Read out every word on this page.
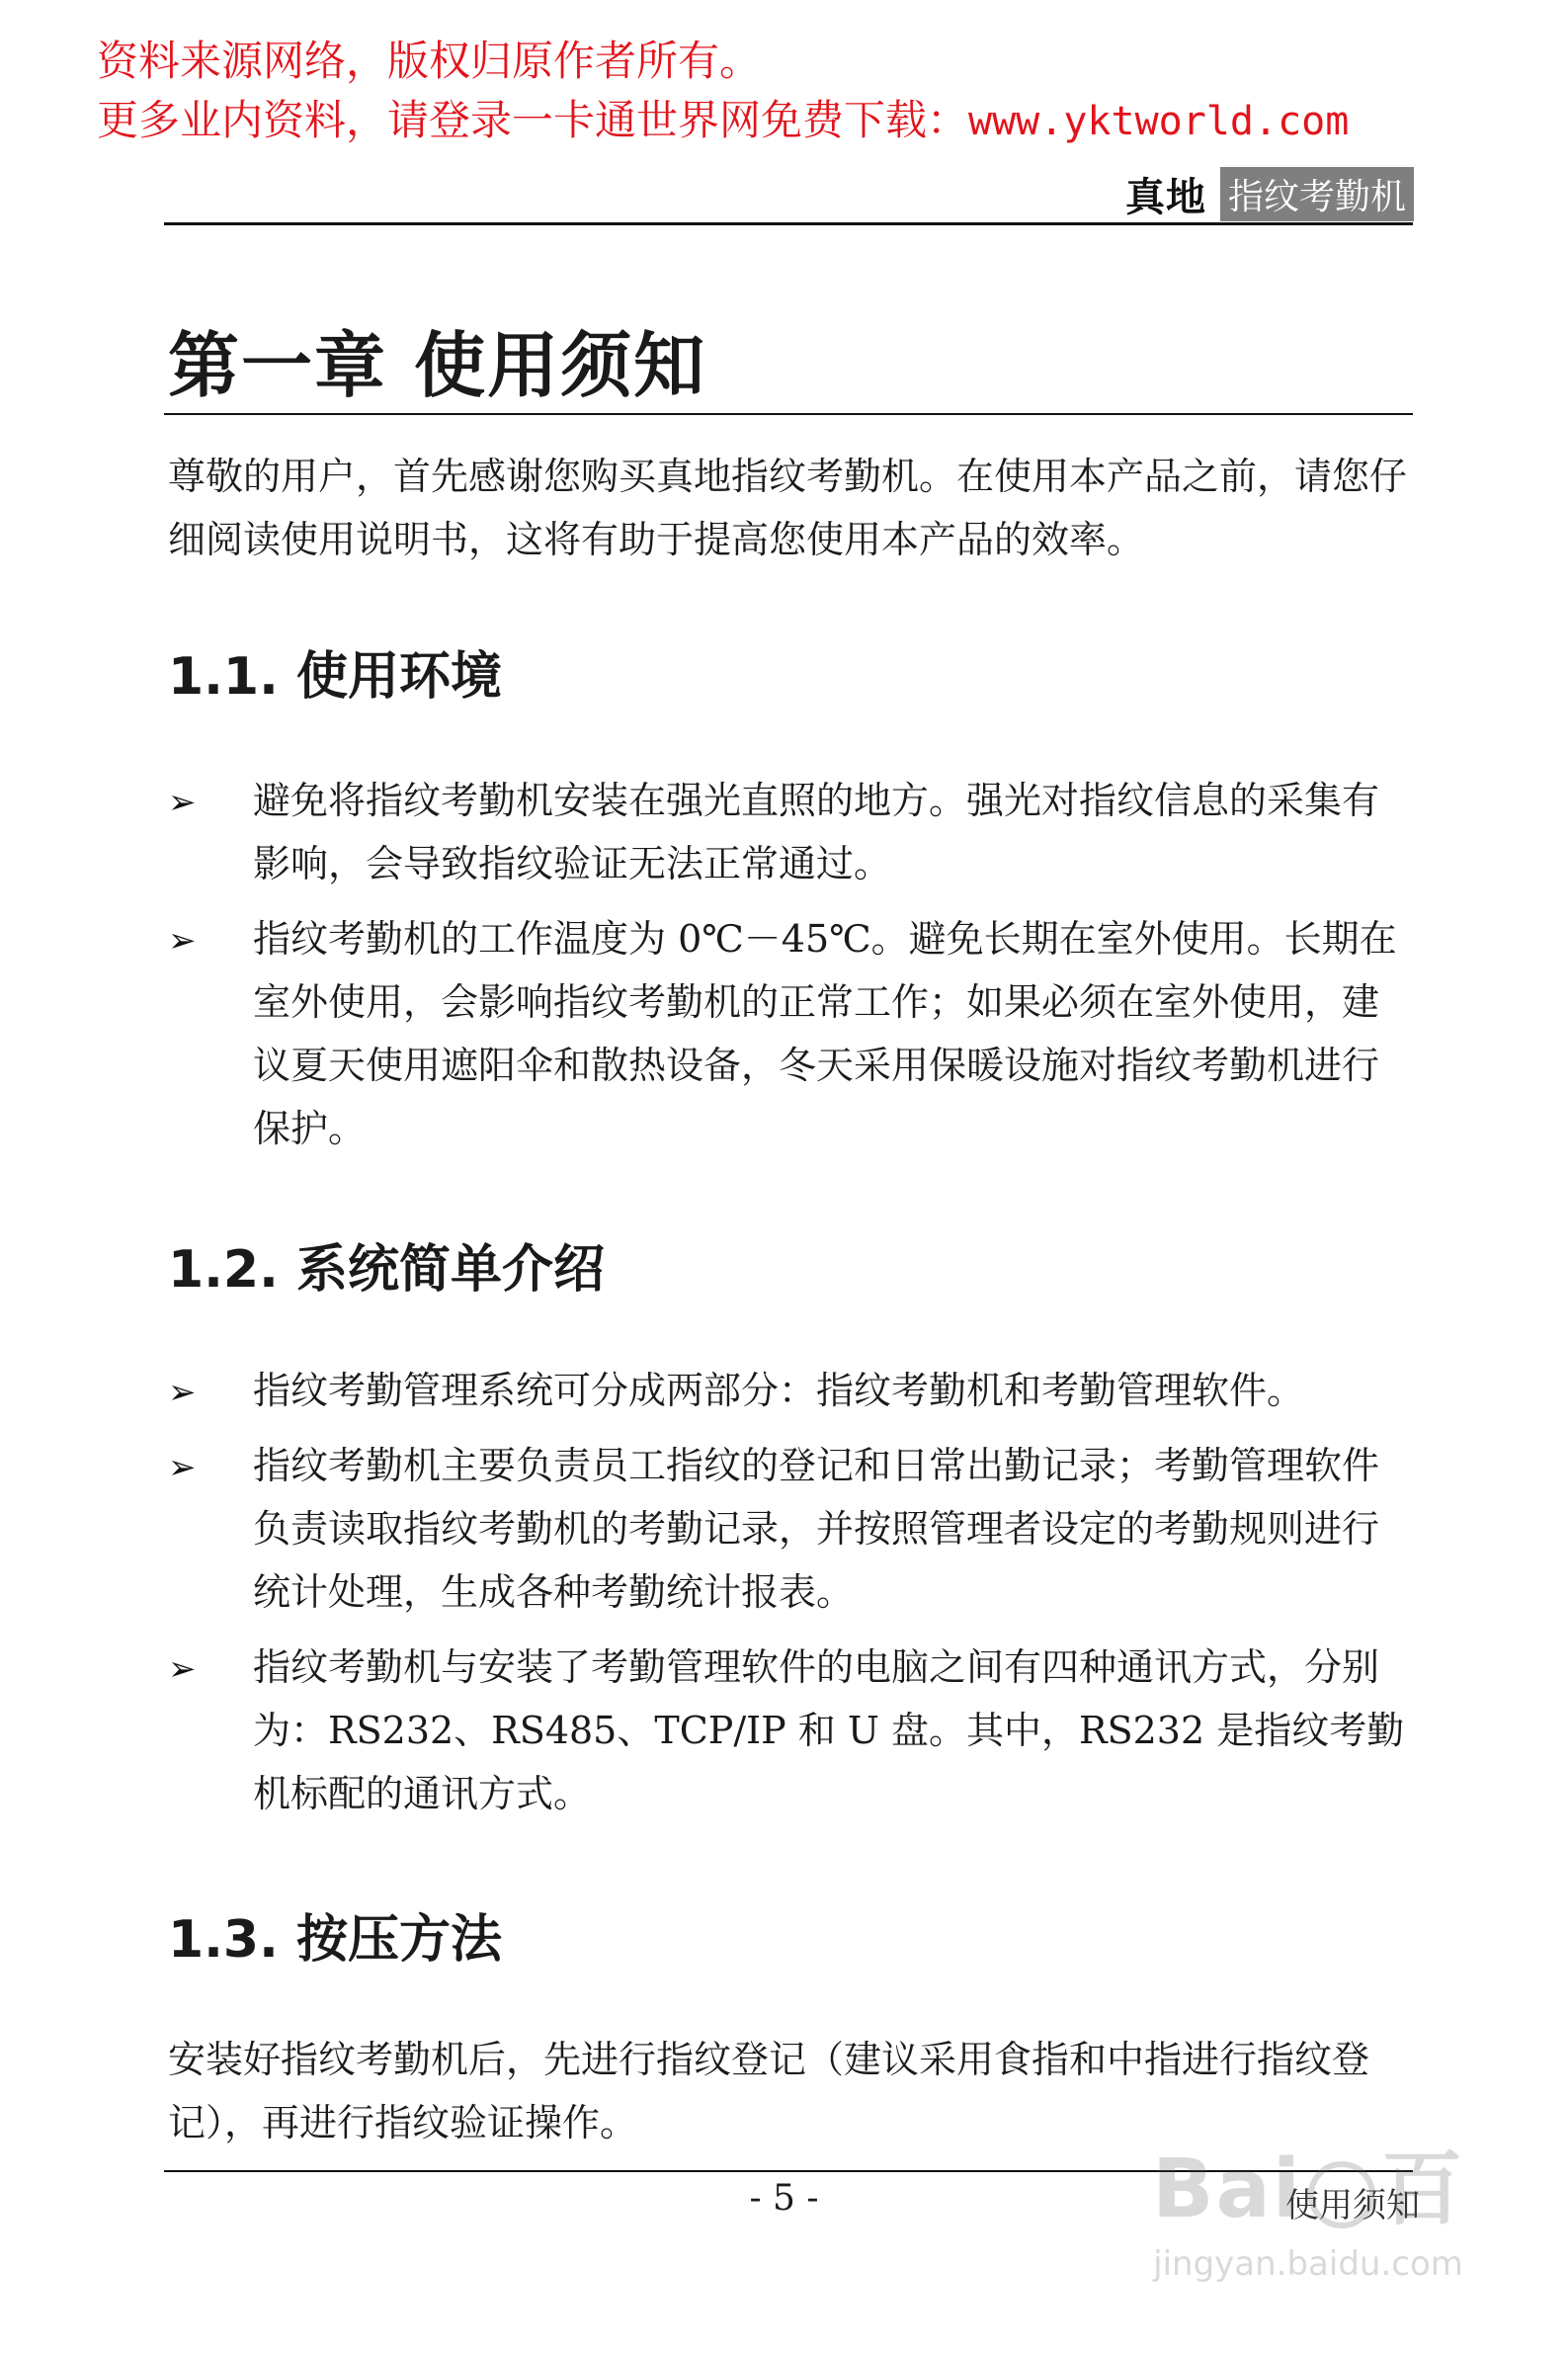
资料来源网络，版权归原作者所有。
更多业内资料，请登录一卡通世界网免费下载：www.yktworld.com
真地 指纹考勤机
第一章 使用须知

尊敬的用户，首先感谢您购买真地指纹考勤机。在使用本产品之前，请您仔细阅读使用说明书，这将有助于提高您使用本产品的效率。

1.1. 使用环境
➢ 避免将指纹考勤机安装在强光直照的地方。强光对指纹信息的采集有影响，会导致指纹验证无法正常通过。
➢ 指纹考勤机的工作温度为 0℃－45℃。避免长期在室外使用。长期在室外使用，会影响指纹考勤机的正常工作；如果必须在室外使用，建议夏天使用遮阳伞和散热设备，冬天采用保暖设施对指纹考勤机进行保护。
1.2. 系统简单介绍
➢ 指纹考勤管理系统可分成两部分：指纹考勤机和考勤管理软件。
➢ 指纹考勤机主要负责员工指纹的登记和日常出勤记录；考勤管理软件负责读取指纹考勤机的考勤记录，并按照管理者设定的考勤规则进行统计处理，生成各种考勤统计报表。
➢ 指纹考勤机与安装了考勤管理软件的电脑之间有四种通讯方式，分别为：RS232、RS485、TCP/IP 和 U 盘。其中，RS232 是指纹考勤机标配的通讯方式。
1.3. 按压方法

安装好指纹考勤机后，先进行指纹登记（建议采用食指和中指进行指纹登记），再进行指纹验证操作。

- 5 -	使用须知
Bai 百
jingyan.baidu.com
